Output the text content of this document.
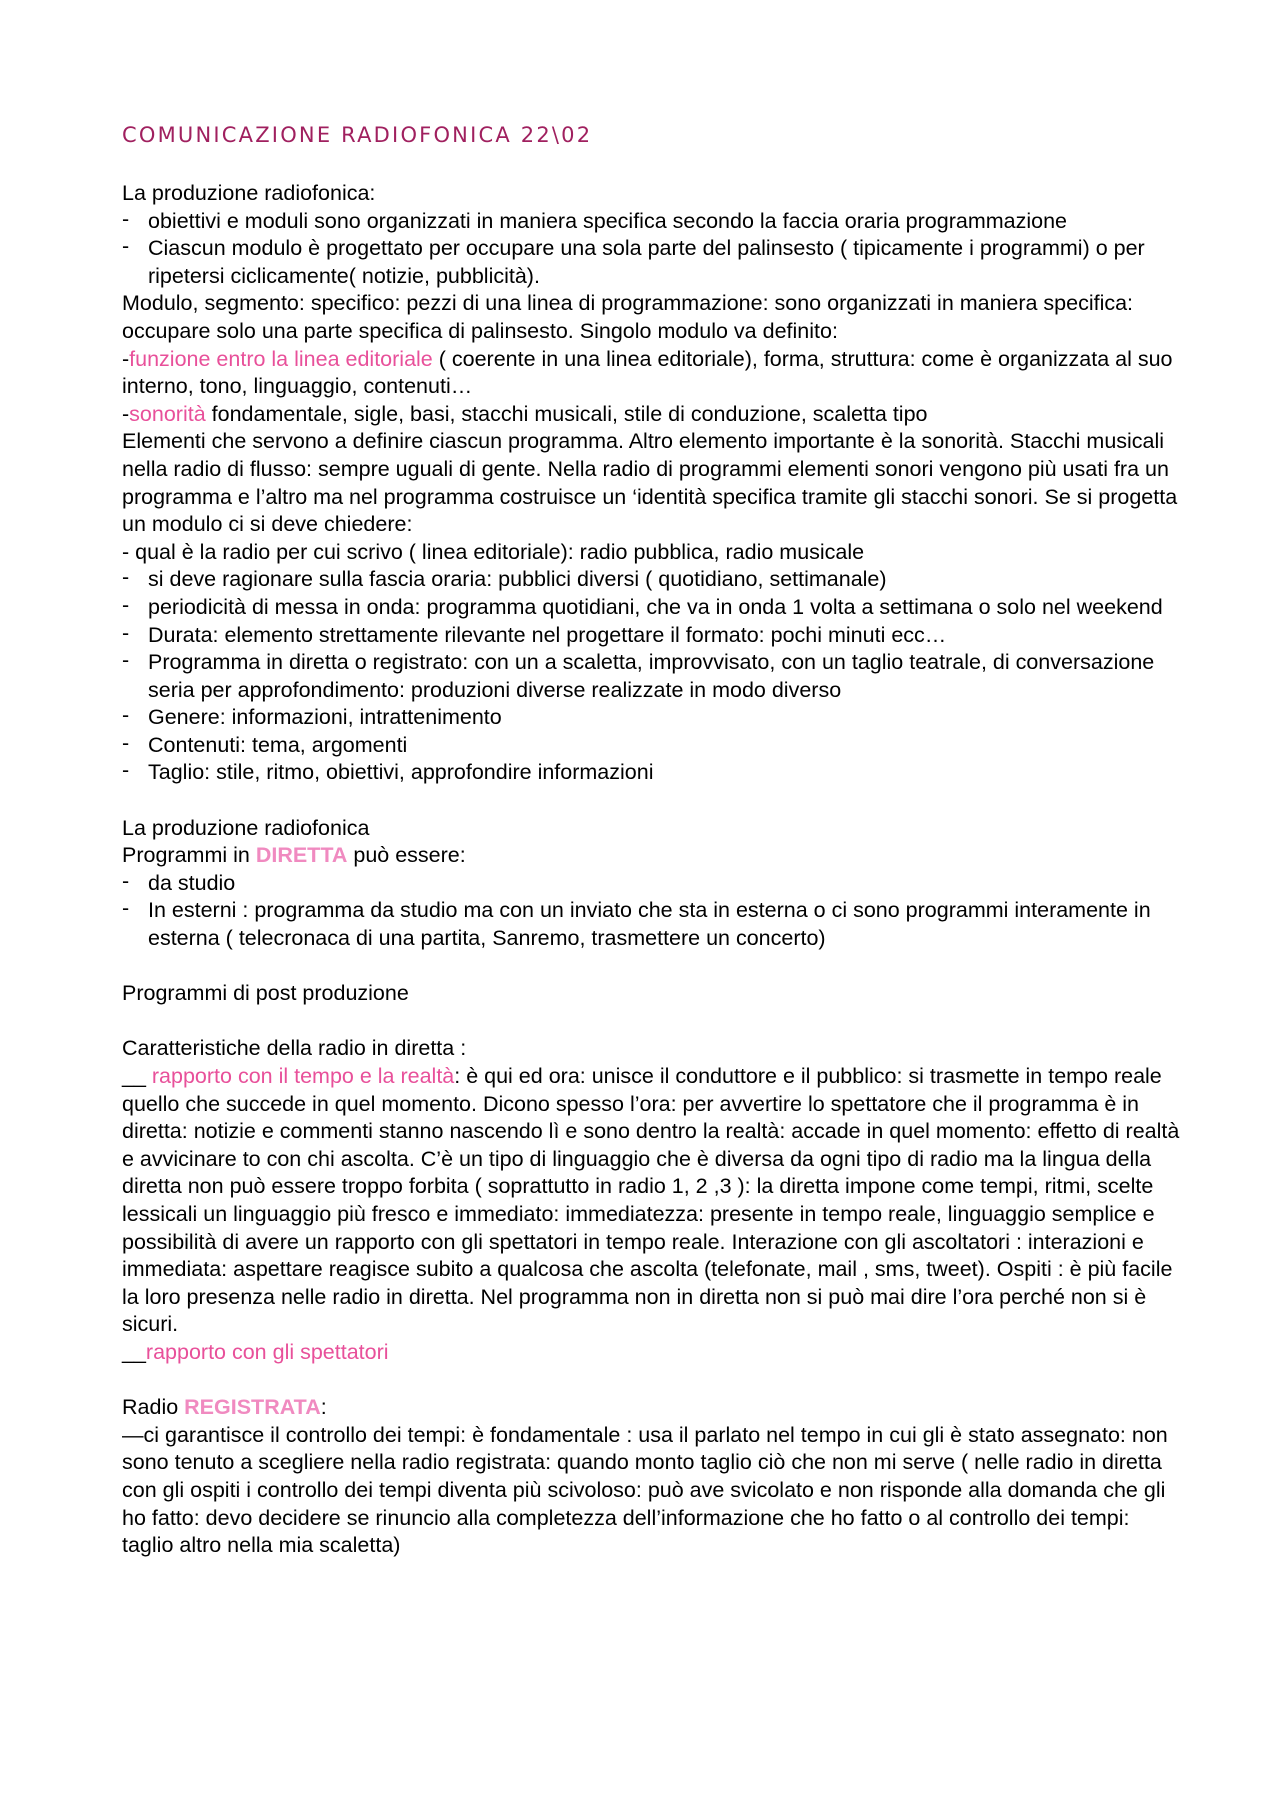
COMUNICAZIONE RADIOFONICA 22\02

La produzione radiofonica:

- obiettivi e moduli sono organizzati in maniera specifica secondo la faccia oraria programmazione
- Ciascun modulo è progettato per occupare una sola parte del palinsesto ( tipicamente i programmi) o per ripetersi ciclicamente( notizie, pubblicità).

Modulo, segmento: specifico: pezzi di una linea di programmazione: sono organizzati in maniera specifica: occupare solo una parte specifica di palinsesto. Singolo modulo va definito:

-funzione entro la linea editoriale ( coerente in una linea editoriale), forma, struttura: come è organizzata al suo interno, tono, linguaggio, contenuti…

-sonorità fondamentale, sigle, basi, stacchi musicali, stile di conduzione, scaletta tipo

Elementi che servono a definire ciascun programma. Altro elemento importante è la sonorità. Stacchi musicali nella radio di flusso: sempre uguali di gente. Nella radio di programmi elementi sonori vengono più usati fra un programma e l’altro ma nel programma costruisce un ‘identità specifica tramite gli stacchi sonori. Se si progetta un modulo ci si deve chiedere:

- qual è la radio per cui scrivo ( linea editoriale): radio pubblica, radio musicale

- si deve ragionare sulla fascia oraria: pubblici diversi ( quotidiano, settimanale)
- periodicità di messa in onda: programma quotidiani, che va in onda 1 volta a settimana o solo nel weekend
- Durata: elemento strettamente rilevante nel progettare il formato: pochi minuti ecc…
- Programma in diretta o registrato: con un a scaletta, improvvisato, con un taglio teatrale, di conversazione seria per approfondimento: produzioni diverse realizzate in modo diverso
- Genere: informazioni, intrattenimento
- Contenuti: tema, argomenti
- Taglio: stile, ritmo, obiettivi, approfondire informazioni

La produzione radiofonica

Programmi in DIRETTA può essere:

- da studio
- In esterni : programma da studio ma con un inviato che sta in esterna o ci sono programmi interamente in esterna ( telecronaca di una partita, Sanremo, trasmettere un concerto)

Programmi di post produzione

Caratteristiche della radio in diretta :

__ rapporto con il tempo e la realtà: è qui ed ora: unisce il conduttore e il pubblico: si trasmette in tempo reale quello che succede in quel momento. Dicono spesso l’ora: per avvertire lo spettatore che il programma è in diretta: notizie e commenti stanno nascendo lì e sono dentro la realtà: accade in quel momento: effetto di realtà e avvicinare to con chi ascolta. C’è un tipo di linguaggio che è diversa da ogni tipo di radio ma la lingua della diretta non può essere troppo forbita ( soprattutto in radio 1, 2 ,3 ): la diretta impone come tempi, ritmi, scelte lessicali un linguaggio più fresco e immediato: immediatezza: presente in tempo reale, linguaggio semplice e possibilità di avere un rapporto con gli spettatori in tempo reale. Interazione con gli ascoltatori : interazioni e immediata: aspettare reagisce subito a qualcosa che ascolta (telefonate, mail , sms, tweet). Ospiti : è più facile la loro presenza nelle radio in diretta. Nel programma non in diretta non si può mai dire l’ora perché non si è sicuri.

__rapporto con gli spettatori

Radio REGISTRATA:

—ci garantisce il controllo dei tempi: è fondamentale : usa il parlato nel tempo in cui gli è stato assegnato: non sono tenuto a scegliere nella radio registrata: quando monto taglio ciò che non mi serve ( nelle radio in diretta con gli ospiti i controllo dei tempi diventa più scivoloso: può ave svicolato e non risponde alla domanda che gli ho fatto: devo decidere se rinuncio alla completezza dell’informazione che ho fatto o al controllo dei tempi: taglio altro nella mia scaletta)
